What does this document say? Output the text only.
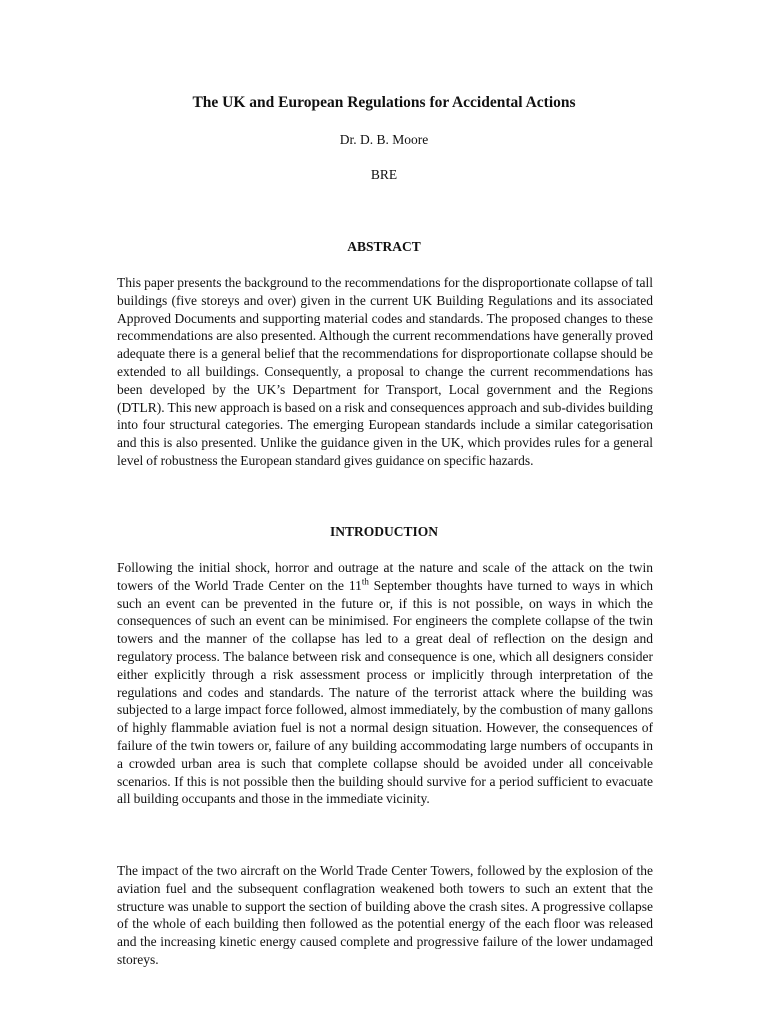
The UK and European Regulations for Accidental Actions
Dr. D. B. Moore
BRE
ABSTRACT
This paper presents the background to the recommendations for the disproportionate collapse of tall buildings (five storeys and over) given in the current UK Building Regulations and its associated Approved Documents and supporting material codes and standards. The proposed changes to these recommendations are also presented. Although the current recommendations have generally proved adequate there is a general belief that the recommendations for disproportionate collapse should be extended to all buildings. Consequently, a proposal to change the current recommendations has been developed by the UK’s Department for Transport, Local government and the Regions (DTLR). This new approach is based on a risk and consequences approach and sub-divides building into four structural categories. The emerging European standards include a similar categorisation and this is also presented. Unlike the guidance given in the UK, which provides rules for a general level of robustness the European standard gives guidance on specific hazards.
INTRODUCTION
Following the initial shock, horror and outrage at the nature and scale of the attack on the twin towers of the World Trade Center on the 11th September thoughts have turned to ways in which such an event can be prevented in the future or, if this is not possible, on ways in which the consequences of such an event can be minimised. For engineers the complete collapse of the twin towers and the manner of the collapse has led to a great deal of reflection on the design and regulatory process. The balance between risk and consequence is one, which all designers consider either explicitly through a risk assessment process or implicitly through interpretation of the regulations and codes and standards. The nature of the terrorist attack where the building was subjected to a large impact force followed, almost immediately, by the combustion of many gallons of highly flammable aviation fuel is not a normal design situation. However, the consequences of failure of the twin towers or, failure of any building accommodating large numbers of occupants in a crowded urban area is such that complete collapse should be avoided under all conceivable scenarios. If this is not possible then the building should survive for a period sufficient to evacuate all building occupants and those in the immediate vicinity.
The impact of the two aircraft on the World Trade Center Towers, followed by the explosion of the aviation fuel and the subsequent conflagration weakened both towers to such an extent that the structure was unable to support the section of building above the crash sites. A progressive collapse of the whole of each building then followed as the potential energy of the each floor was released and the increasing kinetic energy caused complete and progressive failure of the lower undamaged storeys.
